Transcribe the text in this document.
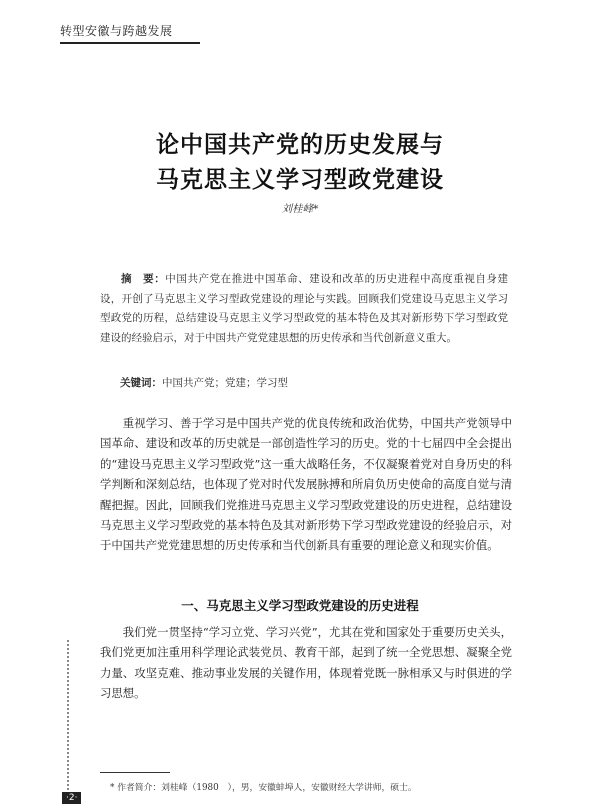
转型安徽与跨越发展
论中国共产党的历史发展与
马克思主义学习型政党建设
刘桂峰*

摘　要：中国共产党在推进中国革命、建设和改革的历史进程中高度重视自身建设，开创了马克思主义学习型政党建设的理论与实践。回顾我们党建设马克思主义学习型政党的历程，总结建设马克思主义学习型政党的基本特色及其对新形势下学习型政党建设的经验启示，对于中国共产党党建思想的历史传承和当代创新意义重大。

关键词：中国共产党；党建；学习型

重视学习、善于学习是中国共产党的优良传统和政治优势，中国共产党领导中国革命、建设和改革的历史就是一部创造性学习的历史。党的十七届四中全会提出的“建设马克思主义学习型政党”这一重大战略任务，不仅凝聚着党对自身历史的科学判断和深刻总结，也体现了党对时代发展脉搏和所肩负历史使命的高度自觉与清醒把握。因此，回顾我们党推进马克思主义学习型政党建设的历史进程，总结建设马克思主义学习型政党的基本特色及其对新形势下学习型政党建设的经验启示，对于中国共产党党建思想的历史传承和当代创新具有重要的理论意义和现实价值。

一、马克思主义学习型政党建设的历史进程

我们党一贯坚持“学习立党、学习兴党”，尤其在党和国家处于重要历史关头，我们党更加注重用科学理论武装党员、教育干部，起到了统一全党思想、凝聚全党力量、攻坚克难、推动事业发展的关键作用，体现着党既一脉相承又与时俱进的学习思想。

* 作者简介：刘桂峰（1980　），男，安徽蚌埠人，安徽财经大学讲师，硕士。

·2·
